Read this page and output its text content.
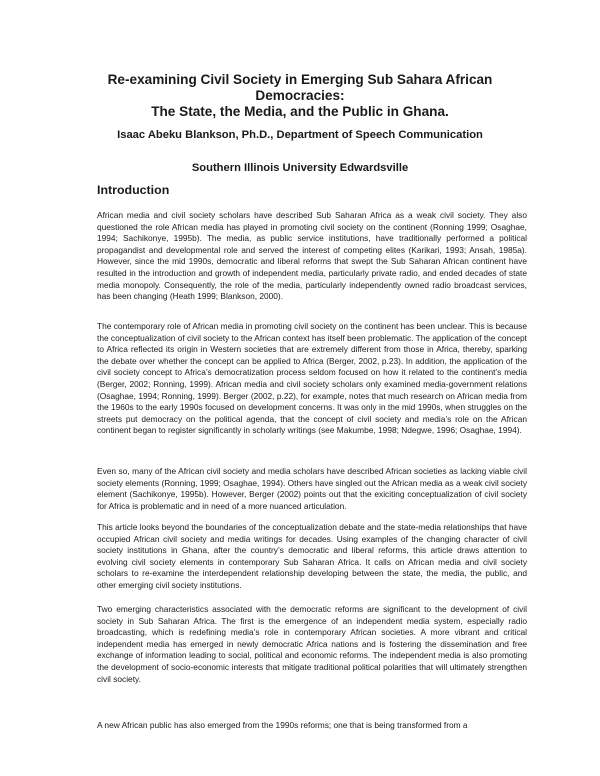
Re-examining Civil Society in Emerging Sub Sahara African
Democracies:
The State, the Media, and the Public in Ghana.

Isaac Abeku Blankson, Ph.D., Department of Speech Communication

Southern Illinois University Edwardsville

Introduction

African media and civil society scholars have described Sub Saharan Africa as a weak civil society. They also questioned the role African media has played in promoting civil society on the continent (Ronning 1999; Osaghae, 1994; Sachikonye, 1995b). The media, as public service institutions, have traditionally performed a political propagandist and developmental role and served the interest of competing elites (Karikari, 1993; Ansah, 1985a). However, since the mid 1990s, democratic and liberal reforms that swept the Sub Saharan African continent have resulted in the introduction and growth of independent media, particularly private radio, and ended decades of state media monopoly. Consequently, the role of the media, particularly independently owned radio broadcast services, has been changing (Heath 1999; Blankson, 2000).

The contemporary role of African media in promoting civil society on the continent has been unclear. This is because the conceptualization of civil society to the African context has itself been problematic. The application of the concept to Africa reflected its origin in Western societies that are extremely different from those in Africa, thereby, sparking the debate over whether the concept can be applied to Africa (Berger, 2002, p.23). In addition, the application of the civil society concept to Africa’s democratization process seldom focused on how it related to the continent’s media (Berger, 2002; Ronning, 1999). African media and civil society scholars only examined media-government relations (Osaghae, 1994; Ronning, 1999). Berger (2002, p.22), for example, notes that much research on African media from the 1960s to the early 1990s focused on development concerns. It was only in the mid 1990s, when struggles on the streets put democracy on the political agenda, that the concept of civil society and media’s role on the African continent began to register significantly in scholarly writings (see Makumbe, 1998; Ndegwe, 1996; Osaghae, 1994).

Even so, many of the African civil society and media scholars have described African societies as lacking viable civil society elements (Ronning, 1999; Osaghae, 1994). Others have singled out the African media as a weak civil society element (Sachikonye, 1995b). However, Berger (2002) points out that the exiciting conceptualization of civil society for Africa is problematic and in need of a more nuanced articulation.

This article looks beyond the boundaries of the conceptualization debate and the state-media relationships that have occupied African civil society and media writings for decades. Using examples of the changing character of civil society institutions in Ghana, after the country’s democratic and liberal reforms, this article draws attention to evolving civil society elements in contemporary Sub Saharan Africa. It calls on African media and civil society scholars to re-examine the interdependent relationship developing between the state, the media, the public, and other emerging civil society institutions.

Two emerging characteristics associated with the democratic reforms are significant to the development of civil society in Sub Saharan Africa. The first is the emergence of an independent media system, especially radio broadcasting, which is redefining media’s role in contemporary African societies. A more vibrant and critical independent media has emerged in newly democratic Africa nations and is fostering the dissemination and free exchange of information leading to social, political and economic reforms. The independent media is also promoting the development of socio-economic interests that mitigate traditional political polarities that will ultimately strengthen civil society.

A new African public has also emerged from the 1990s reforms; one that is being transformed from a
